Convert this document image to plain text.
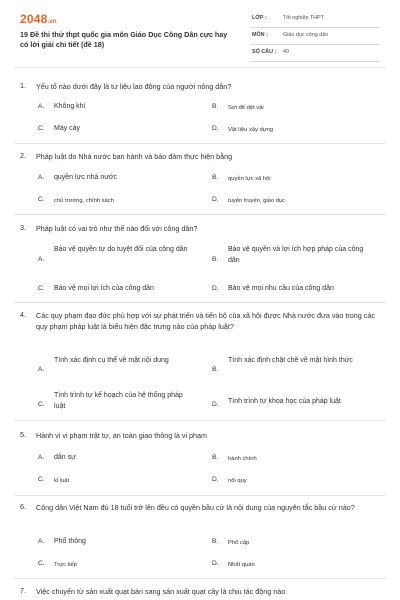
2048.vn
19 Đề thi thử thpt quốc gia môn Giáo Dục Công Dân cực hay có lời giải chi tiết (đề 18)
LỚP :	Tốt nghiệp THPT
MÔN :	Giáo dục công dân
SỐ CÂU : 40
1. Yếu tố nào dưới đây là tư liệu lao động của người nông dân?
A. Không khí	B. Sợi để dệt vải
C. Máy cày	D. Vật liệu xây dựng
2. Pháp luật do Nhà nước ban hành và bảo đảm thực hiện bằng
A. quyền lực nhà nước	B. quyền lực xã hội
C. chủ trương, chính sách	D. tuyên truyền, giáo dục
3. Pháp luật có vai trò như thế nào đối với công dân?
A.
Bảo vệ quyền tự do tuyệt đối của công dân
B.
Bảo vệ quyền và lợi ích hợp pháp của công dân
C. Bảo vệ mọi lợi ích của công dân	D. Bảo vệ mọi nhu cầu của công dân
4. Các quy phạm đạo đức phù hợp với sự phát triển và tiến bộ của xã hội được Nhà nước đưa vào trong các quy phạm pháp luật là biểu hiện đặc trưng nào của pháp luật?
A.
Tính xác định cụ thể về mặt nội dung
B.
Tính xác định chặt chẽ về mặt hình thức
C.
Tính trình tự kế hoạch của hệ thống pháp luật	D. Tính trình tự khoa học của pháp luật
5. Hành vi vi phạm trật tự, an toàn giao thông là vi phạm
A. dân sự	B. hành chính
C. kỉ luật	D. nội quy
6. Công dân Việt Nam đủ 18 tuổi trở lên đều có quyền bầu cử là nội dung của nguyên tắc bầu cử nào?
A. Phổ thông	B. Phổ cập
C. Trực tiếp	D. Nhất quán
7. Việc chuyển từ sản xuất quạt bàn sang sản xuất quạt cây là chịu tác động nào
